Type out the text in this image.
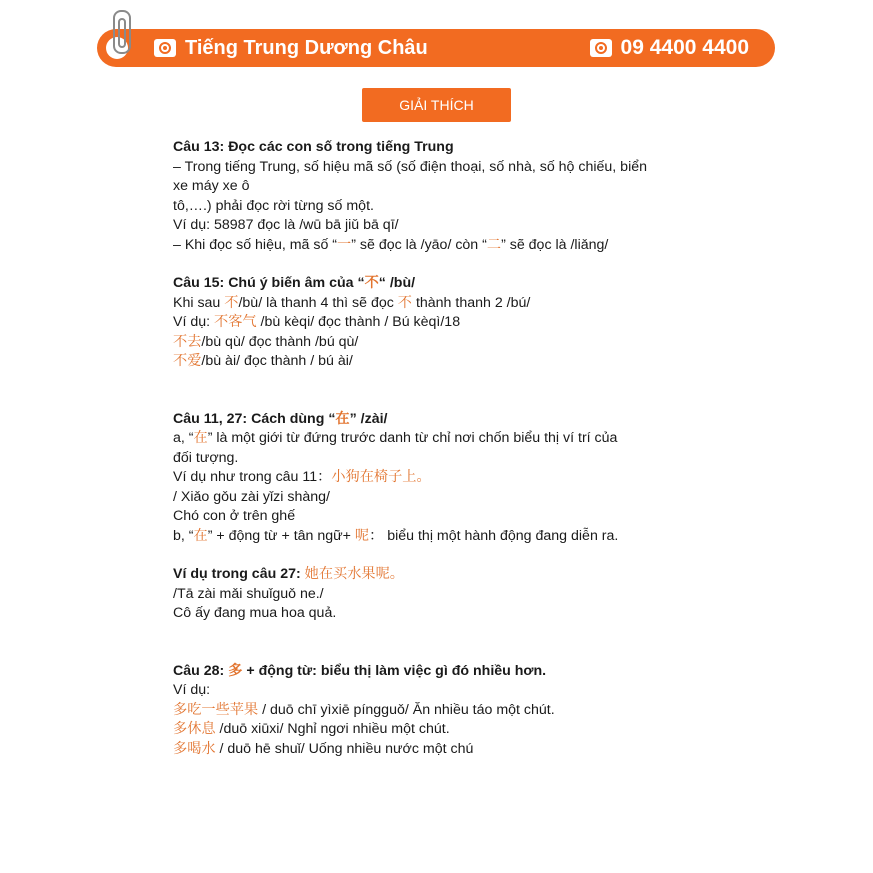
Tiếng Trung Dương Châu	09 4400 4400
GIẢI THÍCH

Câu 13: Đọc các con số trong tiếng Trung

– Trong tiếng Trung, số hiệu mã số (số điện thoại, số nhà, số hộ chiếu, biển

xe máy xe ô

tô,….) phải đọc rời từng số một.

Ví dụ: 58987 đọc là /wū bā jiǔ bā qī/

– Khi đọc số hiệu, mã số “一” sẽ đọc là /yāo/ còn “二” sẽ đọc là /liǎng/

Câu 15: Chú ý biến âm của “不“ /bù/

Khi sau 不/bù/ là thanh 4 thì sẽ đọc 不 thành thanh 2 /bú/

Ví dụ: 不客气 /bù kèqi/ đọc thành / Bú kèqì/18

不去/bù qù/ đọc thành /bú qù/

不爱/bù ài/ đọc thành / bú ài/

Câu 11, 27: Cách dùng “在” /zài/

a, “在” là một giới từ đứng trước danh từ chỉ nơi chốn biểu thị ví trí của

đối tượng.

Ví dụ như trong câu 11：小狗在椅子上。

/ Xiǎo gǒu zài yǐzi shàng/

Chó con ở trên ghế

b, “在” + động từ + tân ngữ+ 呢： biểu thị một hành động đang diễn ra.

Ví dụ trong câu 27: 她在买水果呢。

/Tā zài mǎi shuǐguǒ ne./

Cô ấy đang mua hoa quả.

Câu 28: 多 + động từ: biểu thị làm việc gì đó nhiều hơn.

Ví dụ:

多吃一些苹果 / duō chī yìxiē píngguǒ/ Ăn nhiều táo một chút.

多休息 /duō xiūxi/ Nghỉ ngơi nhiều một chút.

多喝水 / duō hē shuǐ/ Uống nhiều nước một chú
